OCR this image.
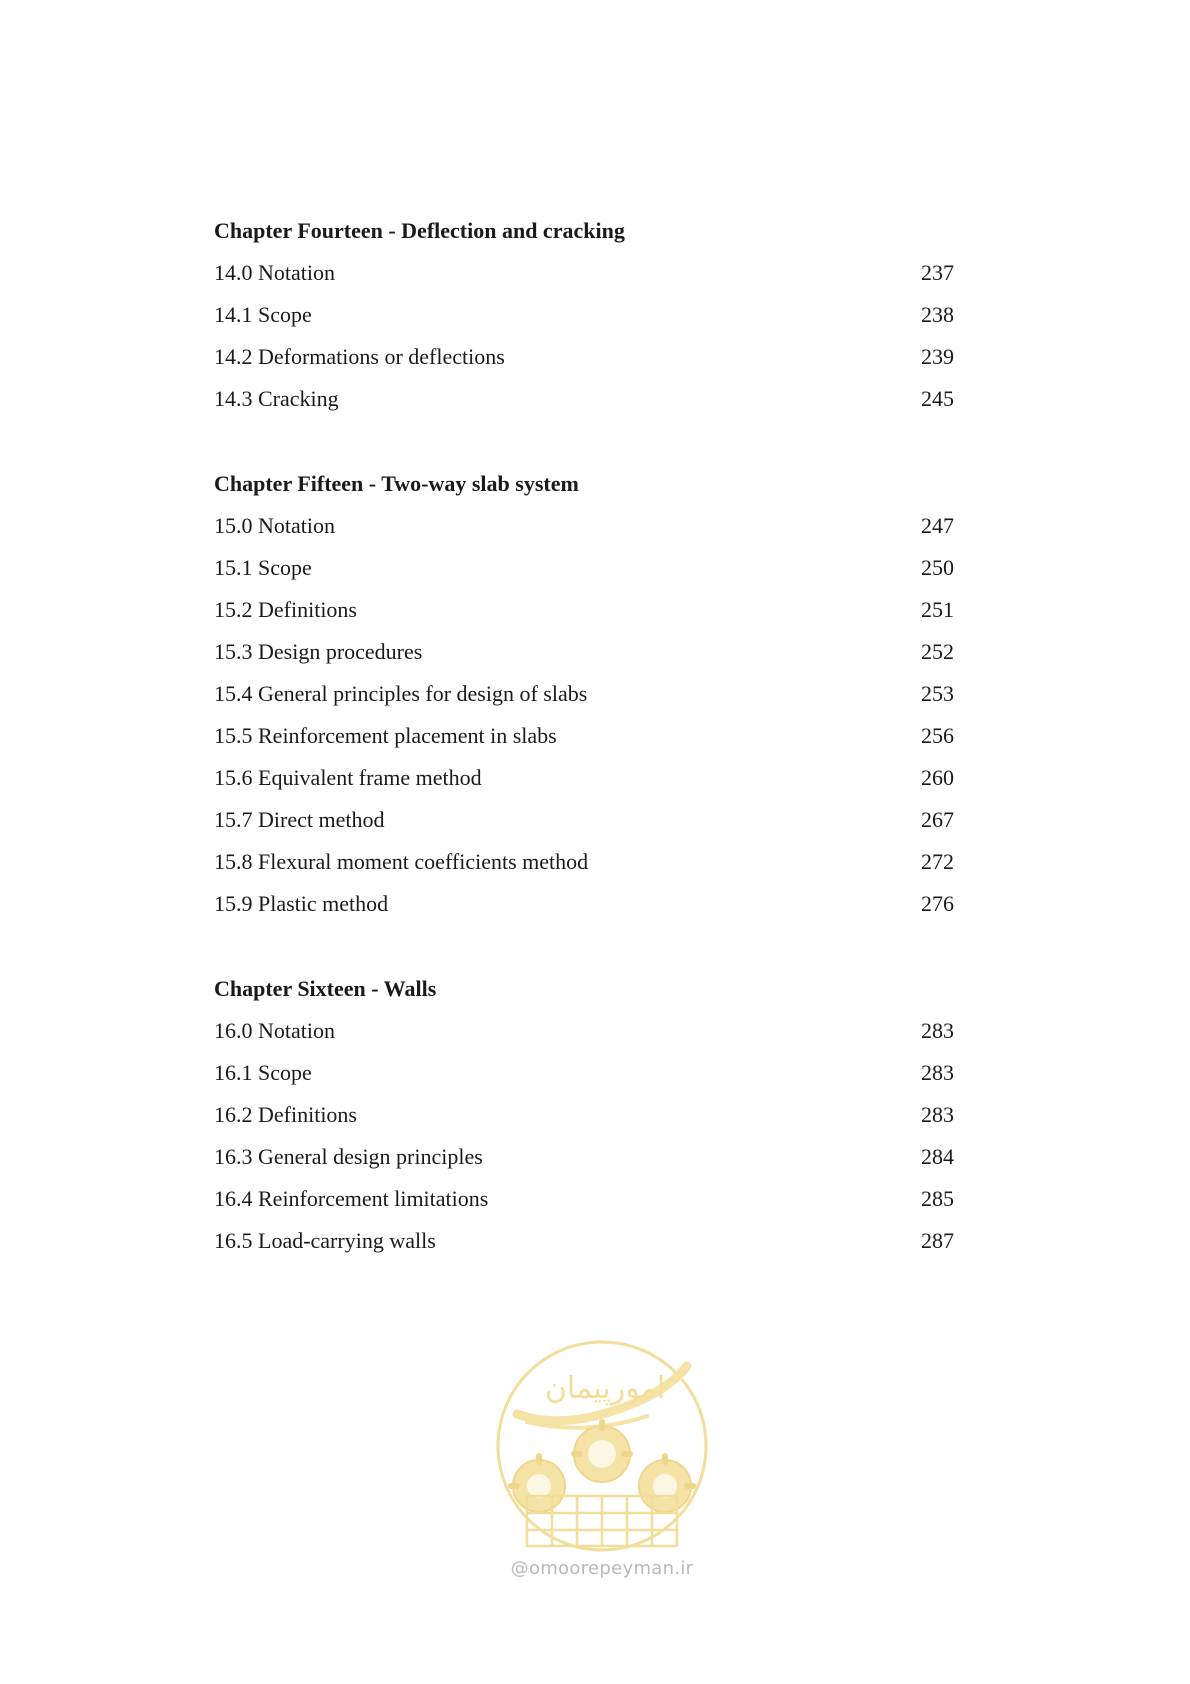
Chapter Fourteen - Deflection and cracking
14.0 Notation	237
14.1 Scope	238
14.2 Deformations or deflections	239
14.3 Cracking	245
Chapter Fifteen - Two-way slab system
15.0 Notation	247
15.1 Scope	250
15.2 Definitions	251
15.3 Design procedures	252
15.4 General principles for design of slabs	253
15.5 Reinforcement placement in slabs	256
15.6 Equivalent frame method	260
15.7 Direct method	267
15.8 Flexural moment coefficients method	272
15.9 Plastic method	276
Chapter Sixteen - Walls
16.0 Notation	283
16.1 Scope	283
16.2 Definitions	283
16.3 General design principles	284
16.4 Reinforcement limitations	285
16.5 Load-carrying walls	287
امورپیمان
@omoorepeyman.ir
